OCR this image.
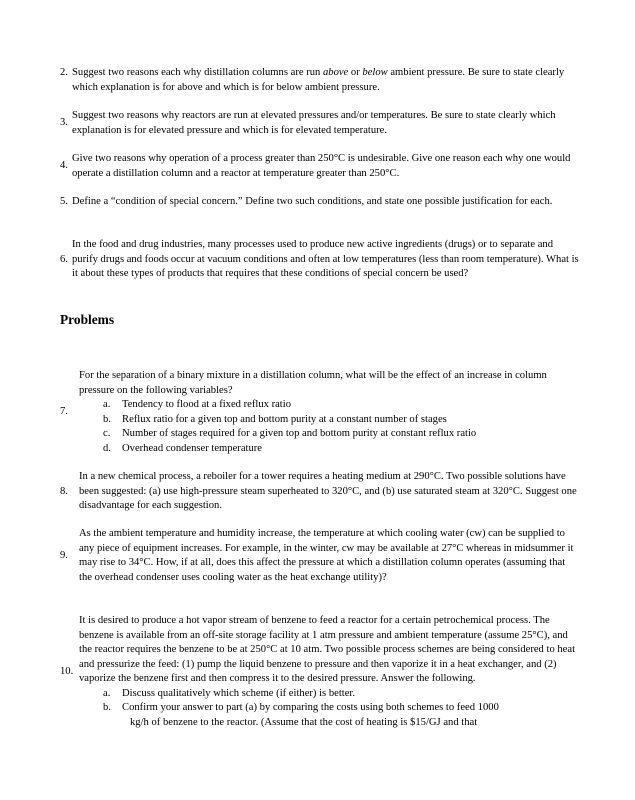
2. Suggest two reasons each why distillation columns are run above or below ambient pressure. Be sure to state clearly which explanation is for above and which is for below ambient pressure.
3.
Suggest two reasons why reactors are run at elevated pressures and/or temperatures. Be sure to state clearly which explanation is for elevated pressure and which is for elevated temperature.
4.
Give two reasons why operation of a process greater than 250°C is undesirable. Give one reason each why one would operate a distillation column and a reactor at temperature greater than 250°C.
5. Define a “condition of special concern.” Define two such conditions, and state one possible justification for each.
6.
In the food and drug industries, many processes used to produce new active ingredients (drugs) or to separate and purify drugs and foods occur at vacuum conditions and often at low temperatures (less than room temperature). What is it about these types of products that requires that these conditions of special concern be used?
Problems
7.
For the separation of a binary mixture in a distillation column, what will be the effect of an increase in column pressure on the following variables?
a.	Tendency to flood at a fixed reflux ratio
b.	Reflux ratio for a given top and bottom purity at a constant number of stages
c.	Number of stages required for a given top and bottom purity at constant reflux ratio
d.	Overhead condenser temperature
8.
In a new chemical process, a reboiler for a tower requires a heating medium at 290°C. Two possible solutions have been suggested: (a) use high-pressure steam superheated to 320°C, and (b) use saturated steam at 320°C. Suggest one disadvantage for each suggestion.
9.
As the ambient temperature and humidity increase, the temperature at which cooling water (cw) can be supplied to any piece of equipment increases. For example, in the winter, cw may be available at 27°C whereas in midsummer it may rise to 34°C. How, if at all, does this affect the pressure at which a distillation column operates (assuming that the overhead condenser uses cooling water as the heat exchange utility)?
10.
It is desired to produce a hot vapor stream of benzene to feed a reactor for a certain petrochemical process. The benzene is available from an off-site storage facility at 1 atm pressure and ambient temperature (assume 25°C), and the reactor requires the benzene to be at 250°C at 10 atm. Two possible process schemes are being considered to heat and pressurize the feed: (1) pump the liquid benzene to pressure and then vaporize it in a heat exchanger, and (2) vaporize the benzene first and then compress it to the desired pressure. Answer the following.
a.	Discuss qualitatively which scheme (if either) is better.
b.	Confirm your answer to part (a) by comparing the costs using both schemes to feed 1000
kg/h of benzene to the reactor. (Assume that the cost of heating is $15/GJ and that
